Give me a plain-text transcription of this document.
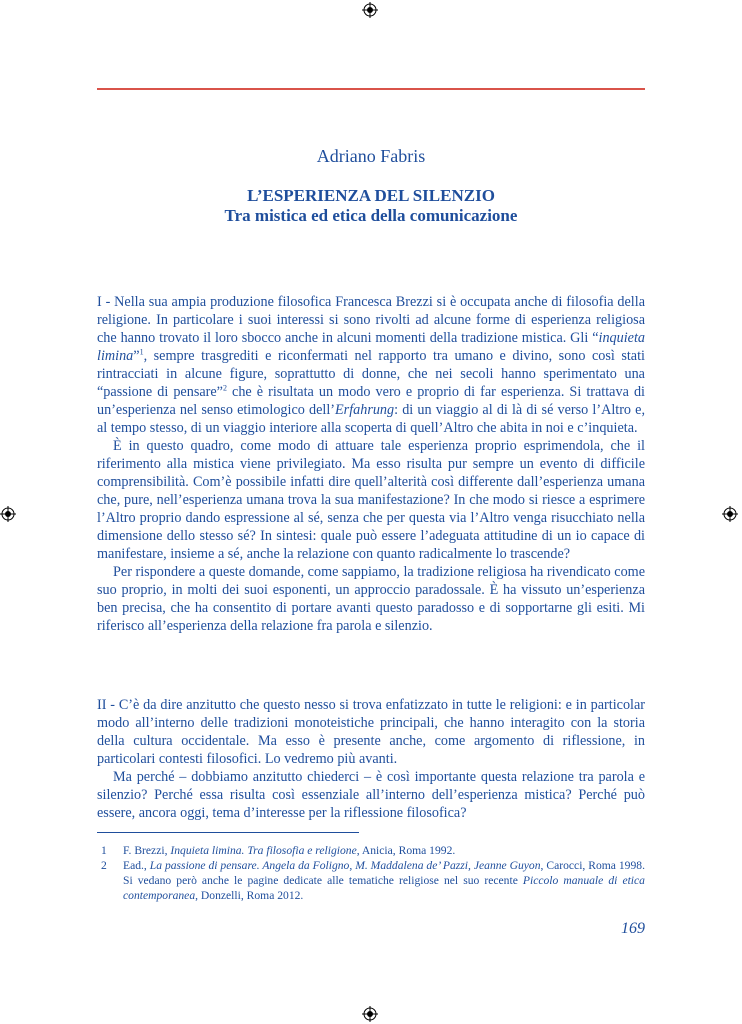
Adriano Fabris
L’ESPERIENZA DEL SILENZIO
Tra mistica ed etica della comunicazione

I - Nella sua ampia produzione filosofica Francesca Brezzi si è occupata anche di filosofia della religione. In particolare i suoi interessi si sono rivolti ad alcune forme di esperienza religiosa che hanno trovato il loro sbocco anche in alcuni momenti della tradizione mistica. Gli “inquieta limina”$^1$, sempre trasgrediti e riconfermati nel rapporto tra umano e divino, sono così stati rintracciati in alcune figure, soprattutto di donne, che nei secoli hanno sperimentato una “passione di pensare”$^2$ che è risultata un modo vero e proprio di far esperienza. Si trattava di un’esperienza nel senso etimologico dell’Erfahrung: di un viaggio al di là di sé verso l’Altro e, al tempo stesso, di un viaggio interiore alla scoperta di quell’Altro che abita in noi e c’inquieta.

È in questo quadro, come modo di attuare tale esperienza proprio esprimendola, che il riferimento alla mistica viene privilegiato. Ma esso risulta pur sempre un evento di difficile comprensibilità. Com’è possibile infatti dire quell’alterità così differente dall’esperienza umana che, pure, nell’esperienza umana trova la sua manifestazione? In che modo si riesce a esprimere l’Altro proprio dando espressione al sé, senza che per questa via l’Altro venga risucchiato nella dimensione dello stesso sé? In sintesi: quale può essere l’adeguata attitudine di un io capace di manifestare, insieme a sé, anche la relazione con quanto radicalmente lo trascende?

Per rispondere a queste domande, come sappiamo, la tradizione religiosa ha rivendicato come suo proprio, in molti dei suoi esponenti, un approccio paradossale. È ha vissuto un’esperienza ben precisa, che ha consentito di portare avanti questo paradosso e di sopportarne gli esiti. Mi riferisco all’esperienza della relazione fra parola e silenzio.

II - C’è da dire anzitutto che questo nesso si trova enfatizzato in tutte le religioni: e in particolar modo all’interno delle tradizioni monoteistiche principali, che hanno interagito con la storia della cultura occidentale. Ma esso è presente anche, come argomento di riflessione, in particolari contesti filosofici. Lo vedremo più avanti.

Ma perché – dobbiamo anzitutto chiederci – è così importante questa relazione tra parola e silenzio? Perché essa risulta così essenziale all’interno dell’esperienza mistica? Perché può essere, ancora oggi, tema d’interesse per la riflessione filosofica?

1	F. Brezzi, Inquieta limina. Tra filosofia e religione, Anicia, Roma 1992.
2	Ead., La passione di pensare. Angela da Foligno, M. Maddalena de’ Pazzi, Jeanne Guyon, Carocci, Roma 1998. Si vedano però anche le pagine dedicate alle tematiche religiose nel suo recente Piccolo manuale di etica contemporanea, Donzelli, Roma 2012.
169
